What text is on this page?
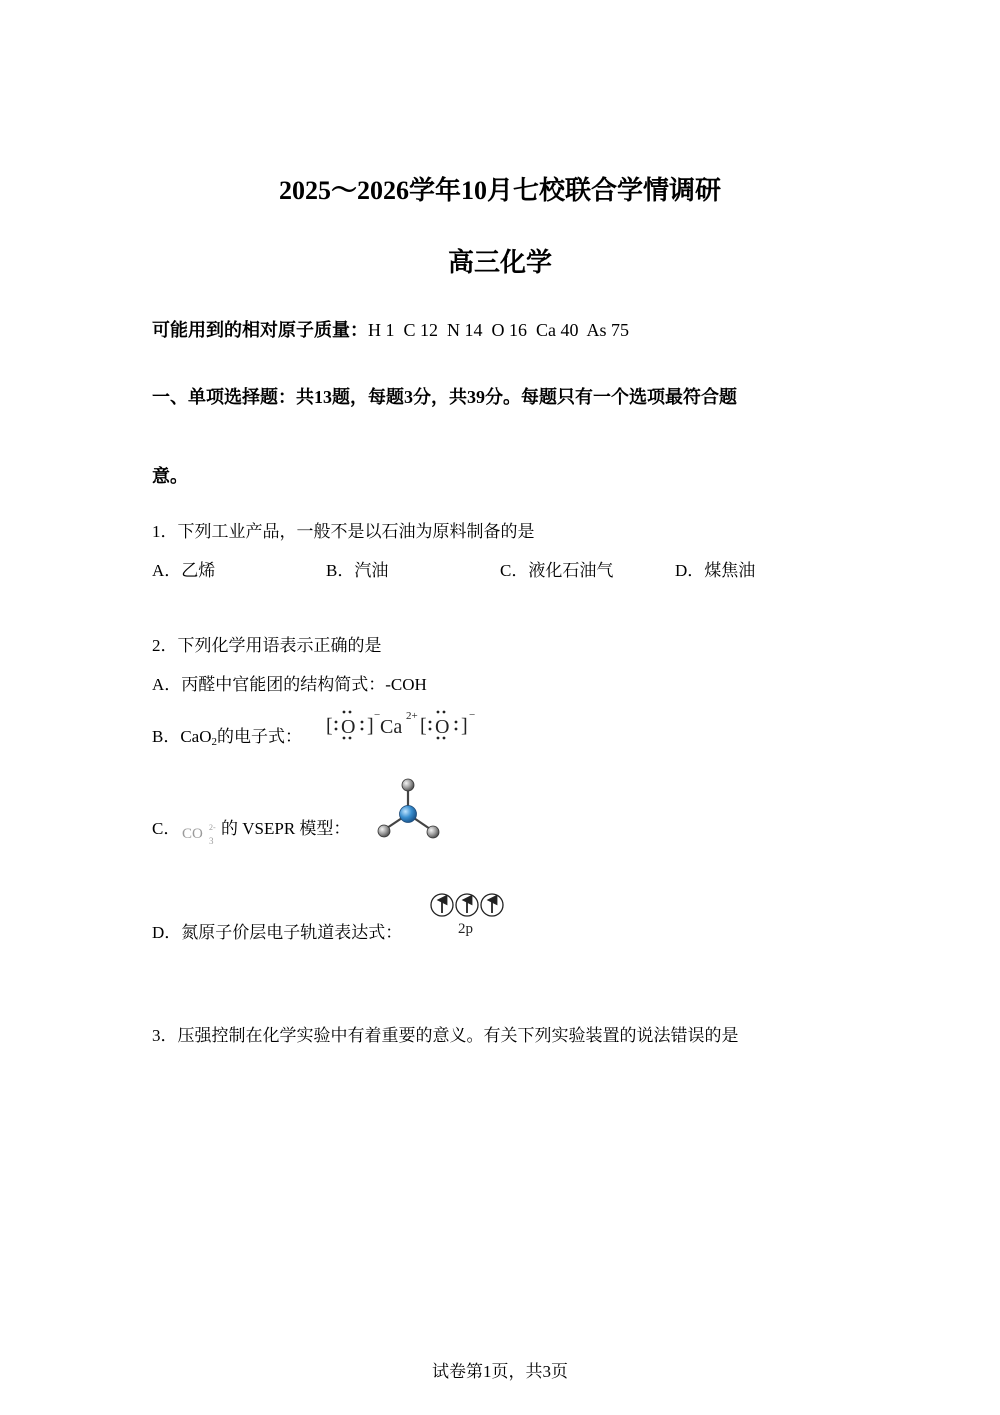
2025～2026学年10月七校联合学情调研
高三化学
可能用到的相对原子质量：H 1  C 12  N 14  O 16  Ca 40  As 75
一、单项选择题：共13题，每题3分，共39分。每题只有一个选项最符合题
意。
1．下列工业产品，一般不是以石油为原料制备的是
A．乙烯	B．汽油	C．液化石油气	D．煤焦油
2．下列化学用语表示正确的是
A．丙醛中官能团的结构简式：-COH
B．CaO$_2$的电子式： [ O ] −
Ca 2+ [ O ] −
C． CO 3
2- 的 VSEPR 模型：
D．氮原子价层电子轨道表达式：	2p
3．压强控制在化学实验中有着重要的意义。有关下列实验装置的说法错误的是
试卷第1页，共3页
